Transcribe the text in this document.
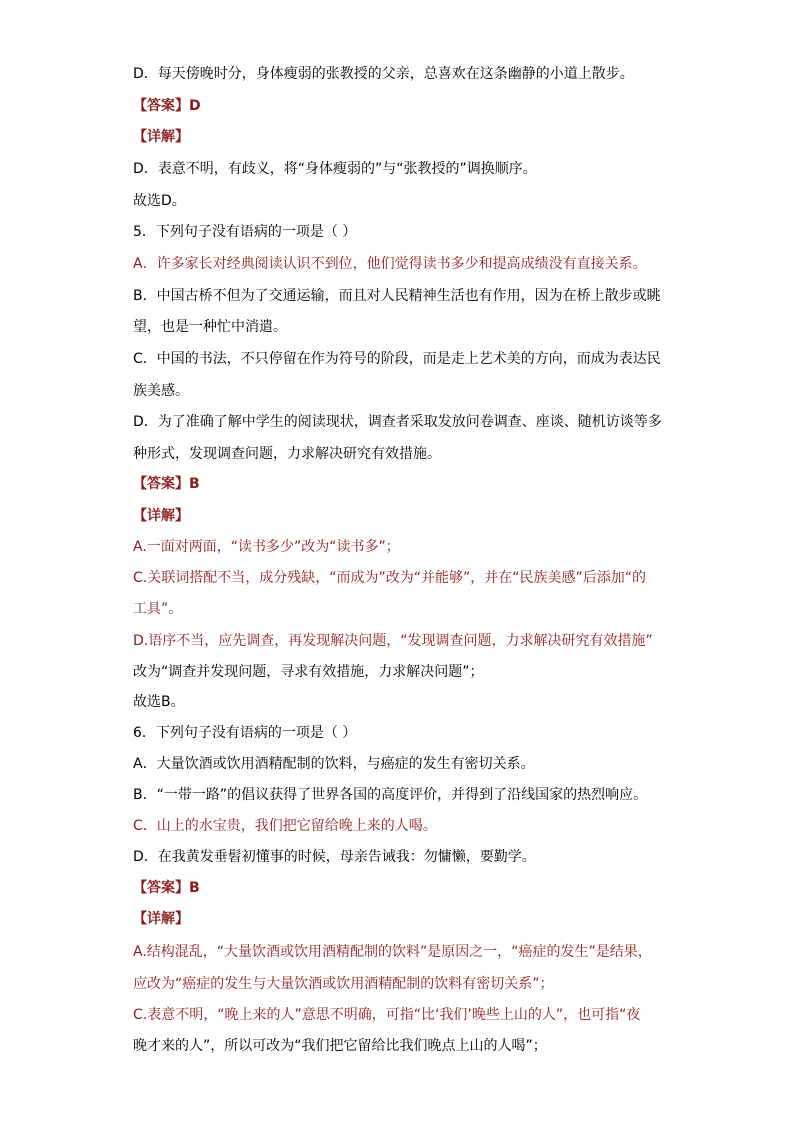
D．每天傍晚时分，身体瘦弱的张教授的父亲，总喜欢在这条幽静的小道上散步。
【答案】D
【详解】
D．表意不明，有歧义，将“身体瘦弱的”与“张教授的”调换顺序。
故选D。
5．下列句子没有语病的一项是（ ）
A．许多家长对经典阅读认识不到位，他们觉得读书多少和提高成绩没有直接关系。
B．中国古桥不但为了交通运输，而且对人民精神生活也有作用，因为在桥上散步或眺
望，也是一种忙中消遣。
C．中国的书法，不只停留在作为符号的阶段，而是走上艺术美的方向，而成为表达民
族美感。
D．为了准确了解中学生的阅读现状，调查者采取发放问卷调查、座谈、随机访谈等多
种形式，发现调查问题，力求解决研究有效措施。
【答案】B
【详解】
A.一面对两面，“读书多少”改为“读书多”；
C.关联词搭配不当，成分残缺，“而成为”改为“并能够”，并在“民族美感”后添加“的
工具”。
D.语序不当，应先调查，再发现解决问题，“发现调查问题，力求解决研究有效措施”
改为“调查并发现问题，寻求有效措施，力求解决问题”；
故选B。
6．下列句子没有语病的一项是（ ）
A．大量饮酒或饮用酒精配制的饮料，与癌症的发生有密切关系。
B．“一带一路”的倡议获得了世界各国的高度评价，并得到了沿线国家的热烈响应。
C．山上的水宝贵，我们把它留给晚上来的人喝。
D．在我黄发垂髫初懂事的时候，母亲告诫我：勿慵懒，要勤学。
【答案】B
【详解】
A.结构混乱，“大量饮酒或饮用酒精配制的饮料”是原因之一，“癌症的发生”是结果，
应改为“癌症的发生与大量饮酒或饮用酒精配制的饮料有密切关系”；
C.表意不明，“晚上来的人”意思不明确，可指“比‘我们’晚些上山的人”，也可指“夜
晚才来的人”，所以可改为“我们把它留给比我们晚点上山的人喝”；
